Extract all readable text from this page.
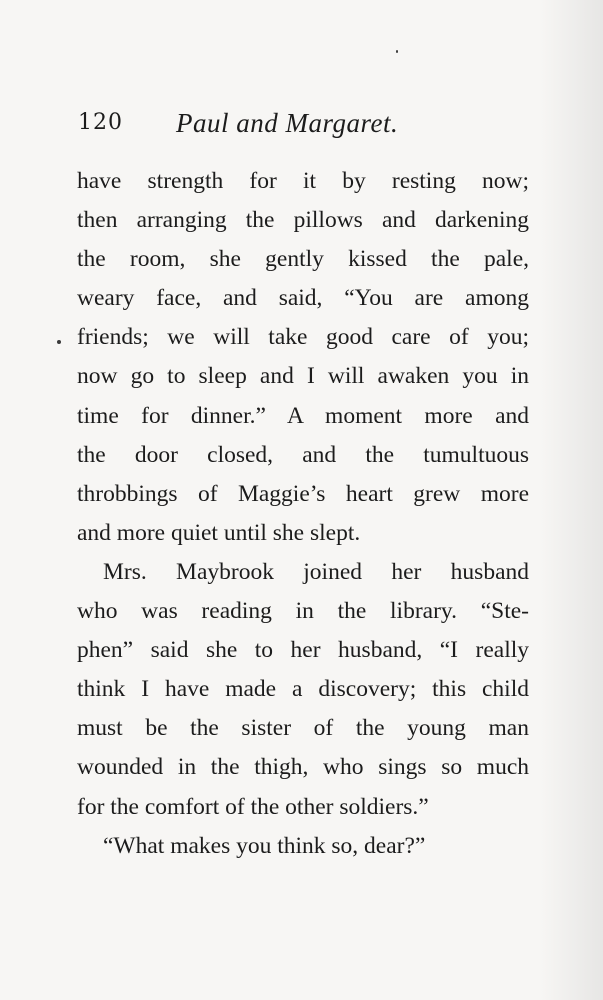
120 Paul and Margaret.
have strength for it by resting now;
then arranging the pillows and darkening
the room, she gently kissed the pale,
weary face, and said, “You are among
friends; we will take good care of you;
now go to sleep and I will awaken you in
time for dinner.” A moment more and
the door closed, and the tumultuous
throbbings of Maggie’s heart grew more
and more quiet until she slept.
Mrs. Maybrook joined her husband
who was reading in the library. “Ste-
phen” said she to her husband, “I really
think I have made a discovery; this child
must be the sister of the young man
wounded in the thigh, who sings so much
for the comfort of the other soldiers.”
“What makes you think so, dear?”
